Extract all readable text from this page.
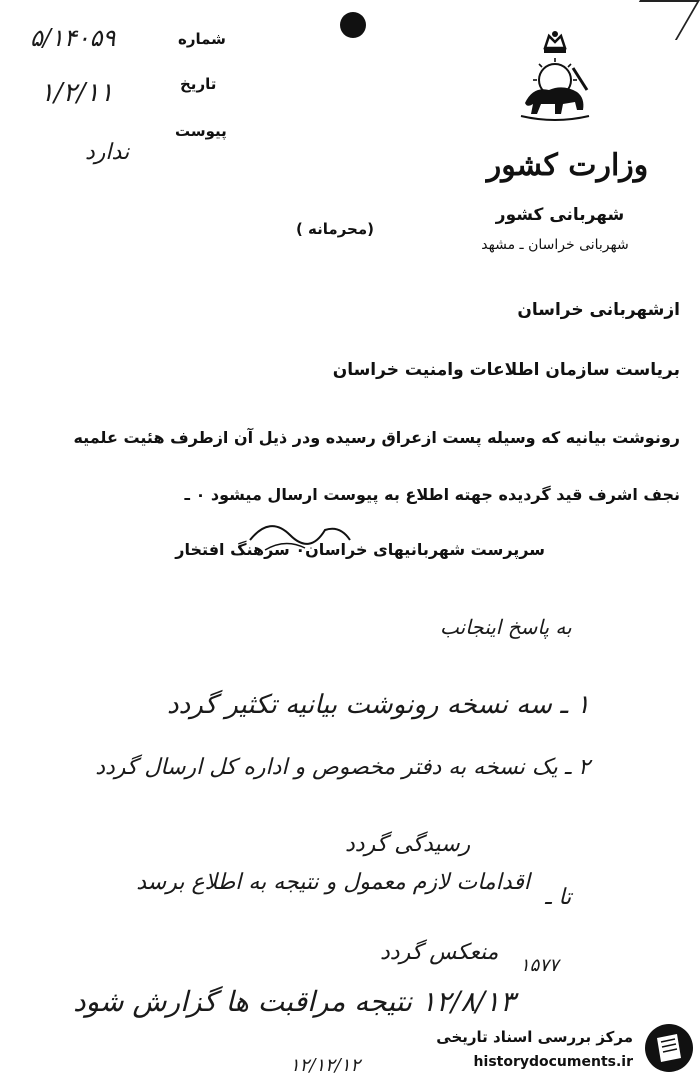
شماره
۵/۱۴۰۵۹
تاریخ
۱/۲/۱۱
پیوست
ندارد	وزارت کشور
شهربانی کشور
شهربانی خراسان ـ مشهد
(محرمانه )
ازشهربانی خراسان
بریاست سازمان اطلاعات وامنیت خراسان
رونوشت بیانیه که وسیله پست ازعراق رسیده ودر ذیل آن ازطرف هئیت علمیه
نجف اشرف قید گردیده جهته اطلاع به پیوست ارسال میشود ٠ ـ
سرپرست شهربانیهای خراسان٠ سرهنگ افتخار
به پاسخ اینجانب
۱ ـ سه نسخه رونوشت بیانیه تکثیر گردد
۲ ـ یک نسخه به دفتر مخصوص و اداره کل ارسال گردد
رسیدگی گردد
تا ـ
اقدامات لازم معمول و نتیجه به اطلاع برسد
منعکس گردد
۱۵۷۷
۱۲/۸/۱۳ نتیجه مراقبت ها گزارش شود
۱۲/۱۲/۱۲
مرکز بررسی اسناد تاریخی
historydocuments.ir
